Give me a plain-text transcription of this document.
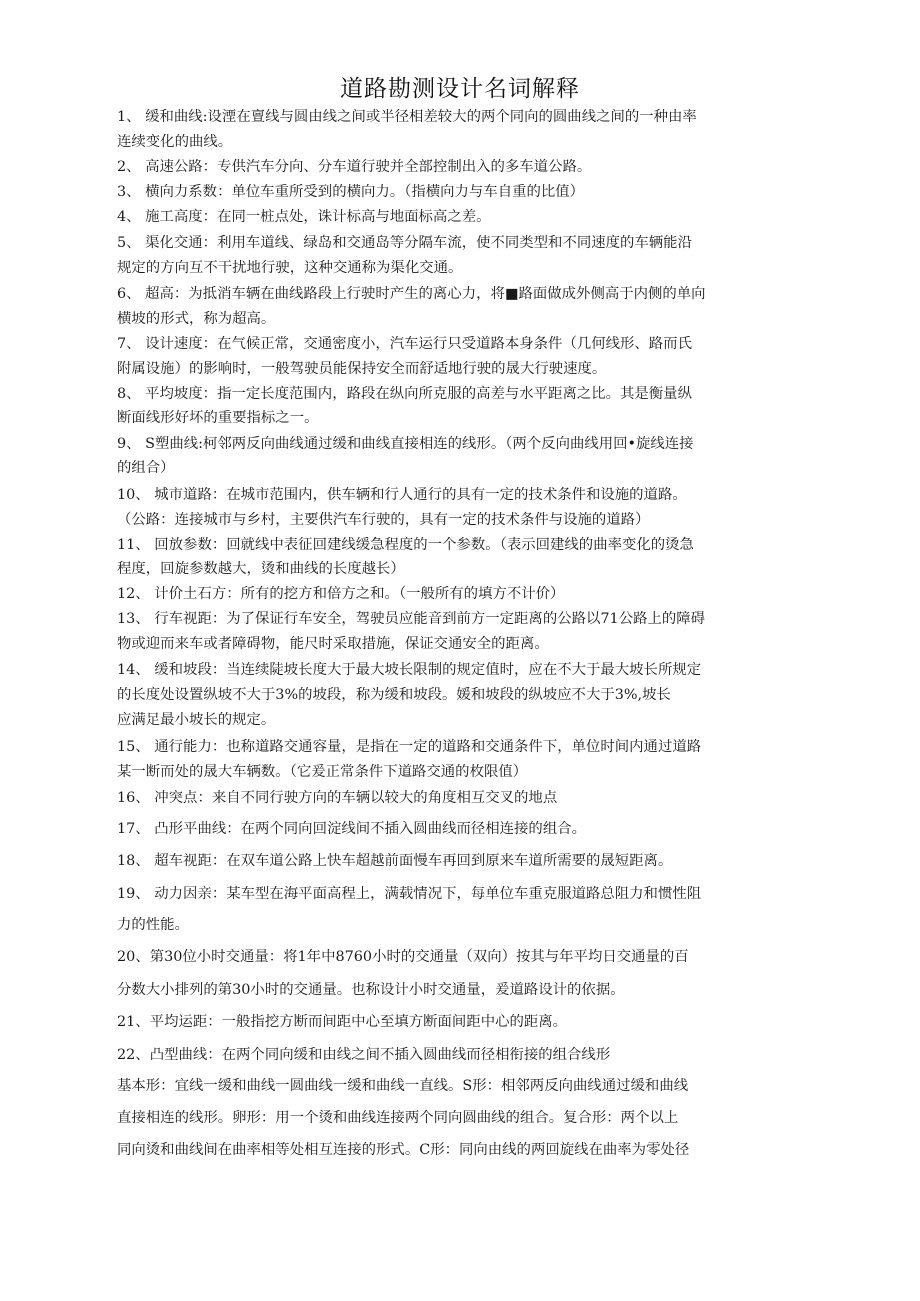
道路勘测设计名词解释
1、 缓和曲线:设湮在亶线与圆由线之间或半径相差较大的两个同向的圆曲线之间的一种由率
连续变化的曲线。
2、 高速公路：专供汽车分向、分车道行驶并全部控制出入的多车道公路。
3、 横向力系数：单位车重所受到的横向力。（指横向力与车自重的比值）
4、 施工高度：在同一桩点处，诛计标高与地面标高之差。
5、 渠化交通：利用车道线、绿岛和交通岛等分隔车流，使不同类型和不同速度的车辆能沿
规定的方向互不干扰地行驶，这种交通称为渠化交通。
6、 超高：为抵消车辆在曲线路段上行驶时产生的离心力，将■路面做成外侧高于内侧的单向
横坡的形式，称为超高。
7、 设计速度：在气候正常，交通密度小，汽车运行只受道路本身条件（几何线形、路而氏
附属设施）的影响时，一般驾驶员能保持安全而舒适地行驶的晟大行驶速度。
8、 平均坡度：指一定长度范围内，路段在纵向所克服的高差与水平距离之比。其是衡量纵
断面线形好坏的重要指标之一。
9、 S塑曲线:柯邻两反向曲线通过缓和曲线直接相连的线形。（两个反向曲线用回•旋线连接
的组合）
10、 城市道路：在城市范围内，供车辆和行人通行的具有一定的技术条件和设施的道路。
（公路：连接城市与乡村，主要供汽车行驶的，具有一定的技术条件与设施的道路）
11、 回放参数：回就线中表征回建线缓急程度的一个参数。（表示回建线的曲率变化的烫急
程度，回旋参数越大，烫和曲线的长度越长）
12、 计价土石方：所有的挖方和倍方之和。（一般所有的填方不计价）
13、 行车视距：为了保证行车安全，驾驶员应能音到前方一定距离的公路以71公路上的障碍
物或迎而来车或者障碍物，能尺时采取措施，保证交通安全的距离。
14、 缓和坡段：当连续陡坡长度大于最大坡长限制的规定值时，应在不大于最大坡长所规定
的长度处设置纵坡不大于3%的坡段，称为缓和坡段。媛和坡段的纵坡应不大于3%,坡长
应满足最小坡长的规定。
15、 通行能力：也称道路交通容量，是指在一定的道路和交通条件下，单位时间内通过道路
某一断而处的晟大车辆数。（它爰正常条件下道路交通的枚限值）
16、 冲突点：来自不同行驶方向的车辆以较大的角度相互交叉的地点
17、 凸形平曲线：在两个同向回淀线间不插入圆曲线而径相连接的组合。
18、 超车视距：在双车道公路上快车超越前面慢车再回到原来车道所需要的晟短距离。
19、 动力因亲：某车型在海平面高程上，满载情况下，每单位车重克服道路总阻力和惯性阻
力的性能。
20、第30位小时交通量：将1年中8760小时的交通量（双向）按其与年平均日交通量的百
分数大小排列的第30小时的交通量。也称设计小时交通量，爰道路设计的依据。
21、平均运距：一般指挖方断而间距中心至填方断面间距中心的距离。
22、凸型曲线：在两个同向缓和由线之间不插入圆曲线而径相衔接的组合线形
基本形：宜线一缓和曲线一圆曲线一缓和曲线一直线。S形：相邻两反向曲线通过缓和曲线
直接相连的线形。卵形：用一个烫和曲线连接两个同向圆曲线的组合。复合形：两个以上
同向烫和曲线间在曲率相等处相互连接的形式。C形：同向由线的两回旋线在曲率为零处径
